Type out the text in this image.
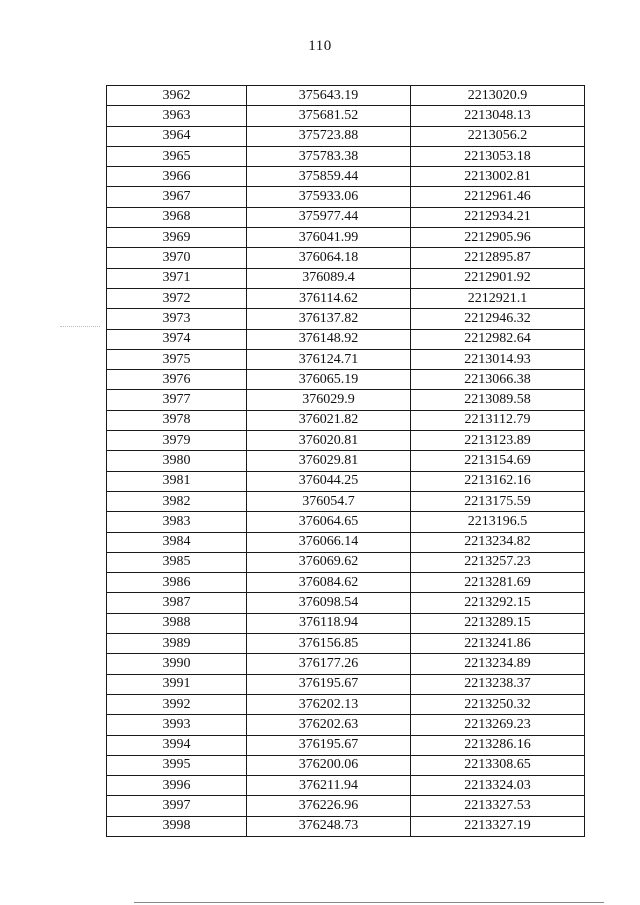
110
3962	375643.19	2213020.9
3963	375681.52	2213048.13
3964	375723.88	2213056.2
3965	375783.38	2213053.18
3966	375859.44	2213002.81
3967	375933.06	2212961.46
3968	375977.44	2212934.21
3969	376041.99	2212905.96
3970	376064.18	2212895.87
3971	376089.4	2212901.92
3972	376114.62	2212921.1
3973	376137.82	2212946.32
3974	376148.92	2212982.64
3975	376124.71	2213014.93
3976	376065.19	2213066.38
3977	376029.9	2213089.58
3978	376021.82	2213112.79
3979	376020.81	2213123.89
3980	376029.81	2213154.69
3981	376044.25	2213162.16
3982	376054.7	2213175.59
3983	376064.65	2213196.5
3984	376066.14	2213234.82
3985	376069.62	2213257.23
3986	376084.62	2213281.69
3987	376098.54	2213292.15
3988	376118.94	2213289.15
3989	376156.85	2213241.86
3990	376177.26	2213234.89
3991	376195.67	2213238.37
3992	376202.13	2213250.32
3993	376202.63	2213269.23
3994	376195.67	2213286.16
3995	376200.06	2213308.65
3996	376211.94	2213324.03
3997	376226.96	2213327.53
3998	376248.73	2213327.19
